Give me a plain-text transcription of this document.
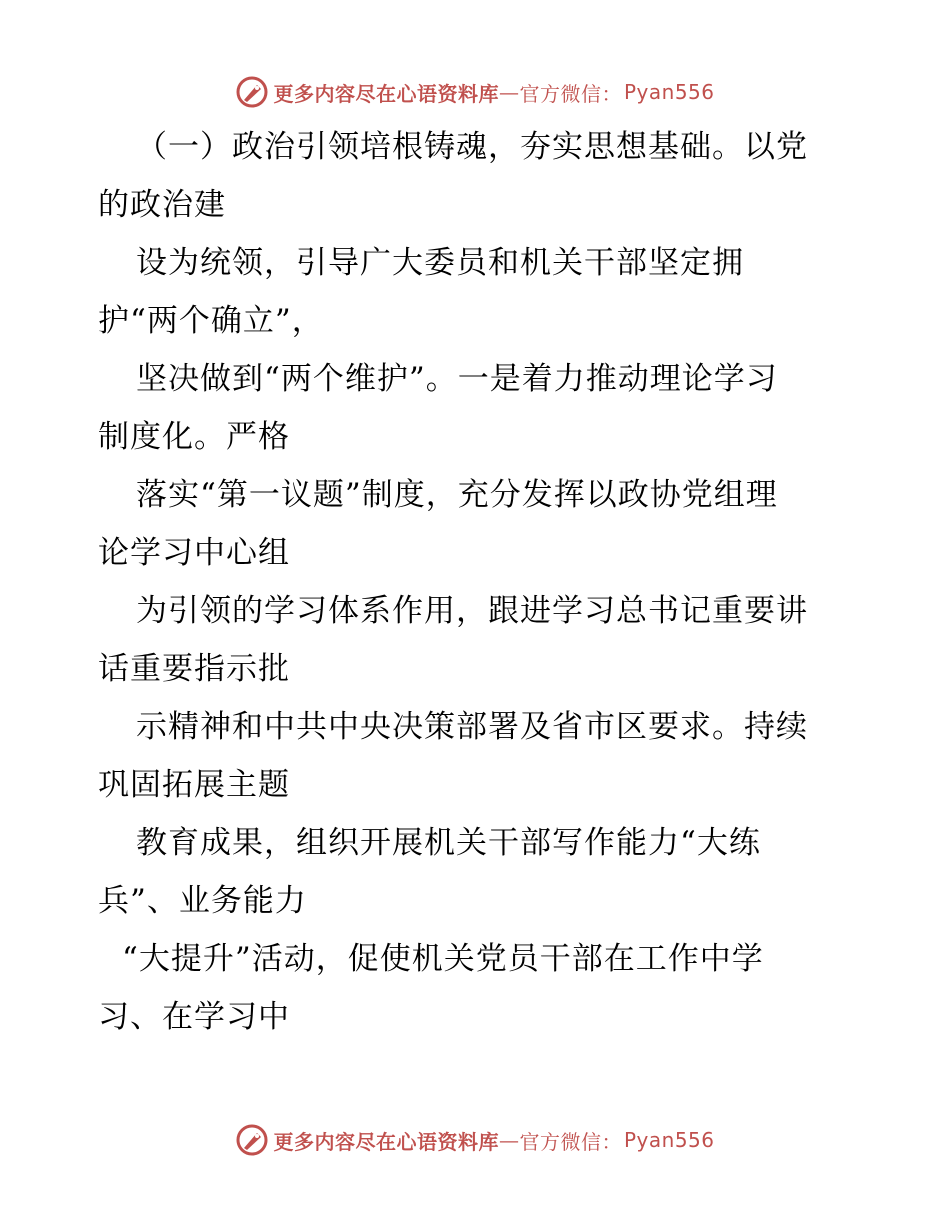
更多内容尽在心语资料库 — 官方微信： Pyan556
（一）政治引领培根铸魂，夯实思想基础。以党
的政治建
设为统领，引导广大委员和机关干部坚定拥
护“两个确立”，
坚决做到“两个维护”。一是着力推动理论学习
制度化。严格
落实“第一议题”制度，充分发挥以政协党组理
论学习中心组
为引领的学习体系作用，跟进学习总书记重要讲
话重要指示批
示精神和中共中央决策部署及省市区要求。持续
巩固拓展主题
教育成果，组织开展机关干部写作能力“大练
兵”、业务能力
“大提升”活动，促使机关党员干部在工作中学
习、在学习中
更多内容尽在心语资料库 — 官方微信： Pyan556
